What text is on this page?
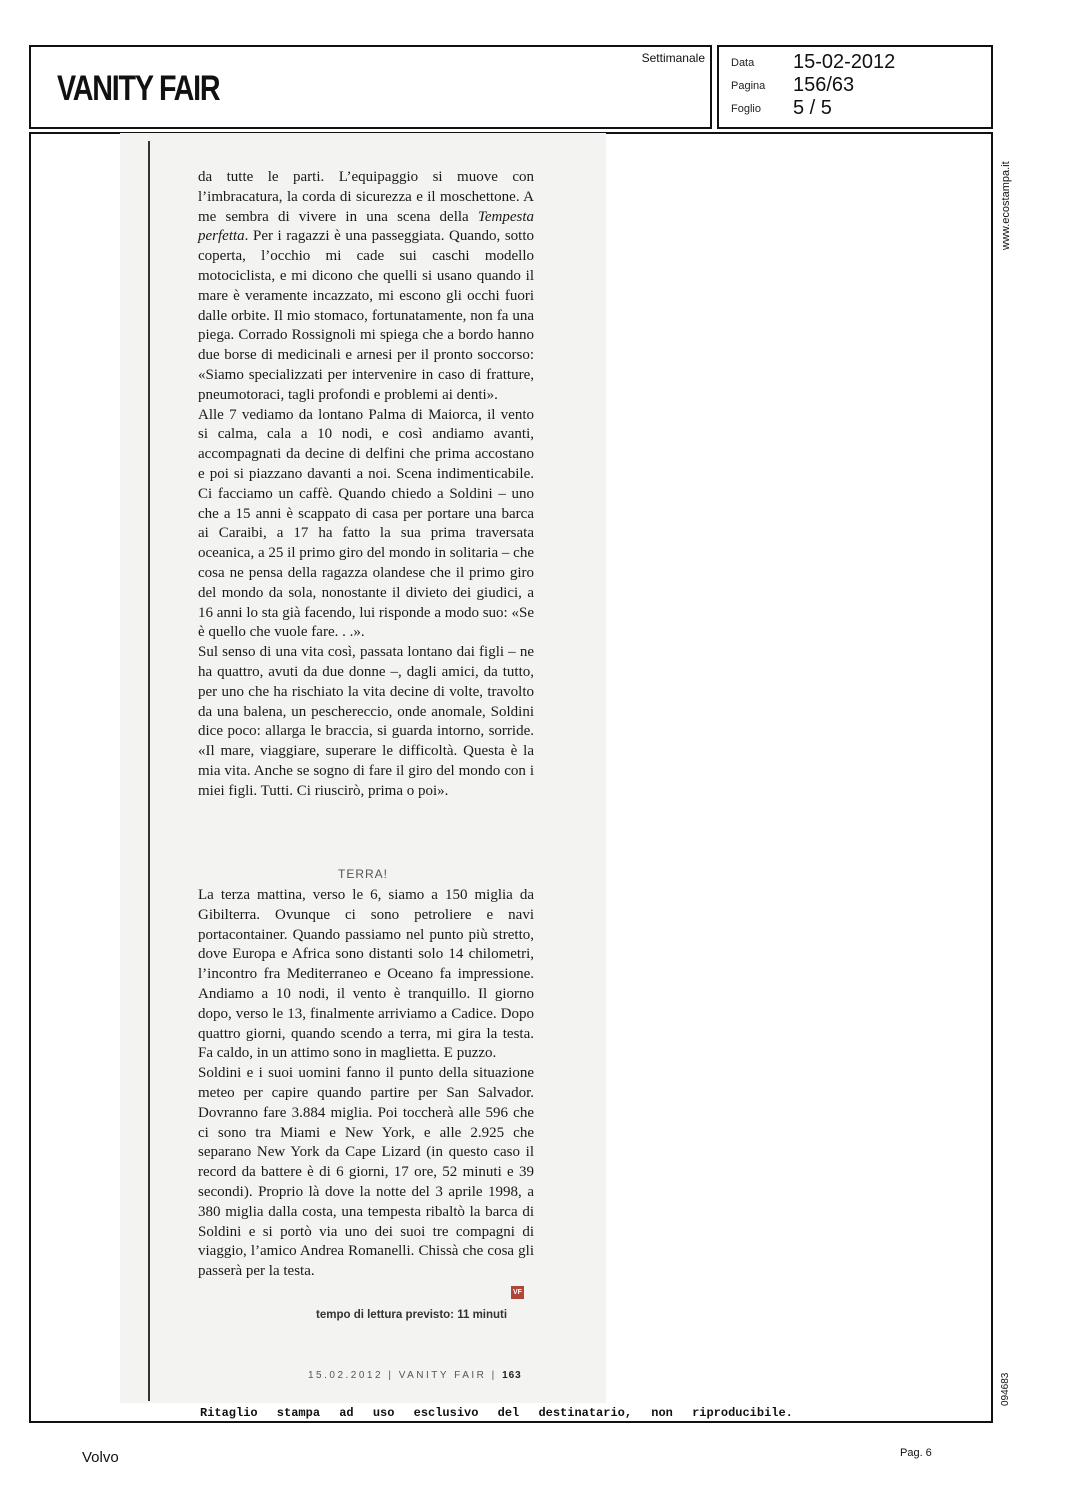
VANITY FAIR
Settimanale Data 15-02-2012
Pagina 156/63
Foglio 5 / 5

da tutte le parti. L’equipaggio si muove con l’imbracatura, la corda di sicurezza e il moschettone. A me sembra di vivere in una scena della Tempesta perfetta. Per i ragazzi è una passeggiata. Quando, sotto coperta, l’occhio mi cade sui caschi modello motociclista, e mi dicono che quelli si usano quando il mare è veramente incazzato, mi escono gli occhi fuori dalle orbite. Il mio stomaco, fortunatamente, non fa una piega. Corrado Rossignoli mi spiega che a bordo hanno due borse di medicinali e arnesi per il pronto soccorso: «Siamo specializzati per intervenire in caso di fratture, pneumotoraci, tagli profondi e problemi ai denti».

Alle 7 vediamo da lontano Palma di Maiorca, il vento si calma, cala a 10 nodi, e così andiamo avanti, accompagnati da decine di delfini che prima accostano e poi si piazzano davanti a noi. Scena indimenticabile. Ci facciamo un caffè. Quando chiedo a Soldini – uno che a 15 anni è scappato di casa per portare una barca ai Caraibi, a 17 ha fatto la sua prima traversata oceanica, a 25 il primo giro del mondo in solitaria – che cosa ne pensa della ragazza olandese che il primo giro del mondo da sola, nonostante il divieto dei giudici, a 16 anni lo sta già facendo, lui risponde a modo suo: «Se è quello che vuole fare. . .».

Sul senso di una vita così, passata lontano dai figli – ne ha quattro, avuti da due donne –, dagli amici, da tutto, per uno che ha rischiato la vita decine di volte, travolto da una balena, un peschereccio, onde anomale, Soldini dice poco: allarga le braccia, si guarda intorno, sorride. «Il mare, viaggiare, superare le difficoltà. Questa è la mia vita. Anche se sogno di fare il giro del mondo con i miei figli. Tutti. Ci riuscirò, prima o poi».

TERRA!

La terza mattina, verso le 6, siamo a 150 miglia da Gibilterra. Ovunque ci sono petroliere e navi portacontainer. Quando passiamo nel punto più stretto, dove Europa e Africa sono distanti solo 14 chilometri, l’incontro fra Mediterraneo e Oceano fa impressione. Andiamo a 10 nodi, il vento è tranquillo. Il giorno dopo, verso le 13, finalmente arriviamo a Cadice. Dopo quattro giorni, quando scendo a terra, mi gira la testa. Fa caldo, in un attimo sono in maglietta. E puzzo.

Soldini e i suoi uomini fanno il punto della situazione meteo per capire quando partire per San Salvador. Dovranno fare 3.884 miglia. Poi toccherà alle 596 che ci sono tra Miami e New York, e alle 2.925 che separano New York da Cape Lizard (in questo caso il record da battere è di 6 giorni, 17 ore, 52 minuti e 39 secondi). Proprio là dove la notte del 3 aprile 1998, a 380 miglia dalla costa, una tempesta ribaltò la barca di Soldini e si portò via uno dei suoi tre compagni di viaggio, l’amico Andrea Romanelli. Chissà che cosa gli passerà per la testa.

VF
tempo di lettura previsto: 11 minuti
15.02.2012 | VANITY FAIR | 163
www.ecostampa.it
094683
Ritaglio stampa ad uso esclusivo del destinatario, non riproducibile.
Volvo	Pag. 6
